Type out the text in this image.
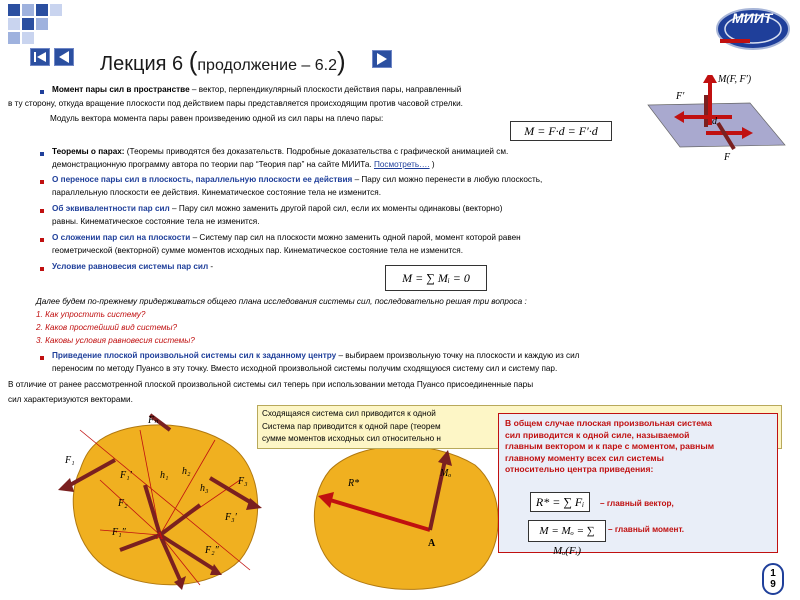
МИИТ
Лекция 6 (продолжение – 6.2)
Момент пары сил в пространстве – вектор, перпендикулярный плоскости действия пары, направленный
в ту сторону, откуда вращение плоскости под действием пары представляется происходящим против часовой стрелки.
Модуль вектора момента пары равен произведению одной из сил пары на плечо пары:
M = F·d = F′·d
M(F, F′)
F′
d
F
Теоремы о парах: (Теоремы приводятся без доказательств. Подробные доказательства с графической анимацией см.
демонстрационную программу автора по теории пар “Теория пар” на сайте МИИТа. Посмотреть…. )
О переносе пары сил в плоскость, параллельную плоскости ее действия – Пару сил можно перенести в любую плоскость,
параллельную плоскости ее действия. Кинематическое состояние тела не изменится.
Об эквивалентности пар сил – Пару сил можно заменить другой парой сил, если их моменты одинаковы (векторно)
равны. Кинематическое состояние тела не изменится.
О сложении пар сил на плоскости – Систему пар сил на плоскости можно заменить одной парой, момент которой равен
геометрической (векторной) сумме моментов исходных пар. Кинематическое состояние тела не изменится.
Условие равновесия системы пар сил -
M = ∑ Mᵢ = 0
Далее будем по-прежнему придерживаться общего плана исследования системы сил, последовательно решая три вопроса :
1. Как упростить систему?
2. Каков простейший вид системы?
3. Каковы условия равновесия системы?
Приведение плоской произвольной системы сил к заданному центру – выбираем произвольную точку на плоскости и каждую из сил
переносим по методу Пуансо в эту точку. Вместо исходной произвольной системы получим сходящуюся систему сил и систему пар.
В отличие от ранее рассмотренной плоской произвольной системы сил теперь при использовании метода Пуансо присоединенные пары
сил характеризуются векторами.
F₁
F₂
F₃
Fₙ
h₁ h₂
h₃
F₁′
F₁″
F₃′
F₂″
A
R*
Mₒ
A
Сходящаяся система сил приводится к одной
Система пар приводится к одной паре (теорем
сумме моментов исходных сил относительно н
В общем случае плоская произвольная система
сил приводится к одной силе, называемой
главным вектором и к паре с моментом, равным
главному моменту всех сил системы
относительно центра приведения:
R* = ∑ Fᵢ	– главный вектор,
M = Mₒ = ∑ Mₒ(Fᵢ)
– главный момент.
1
9
